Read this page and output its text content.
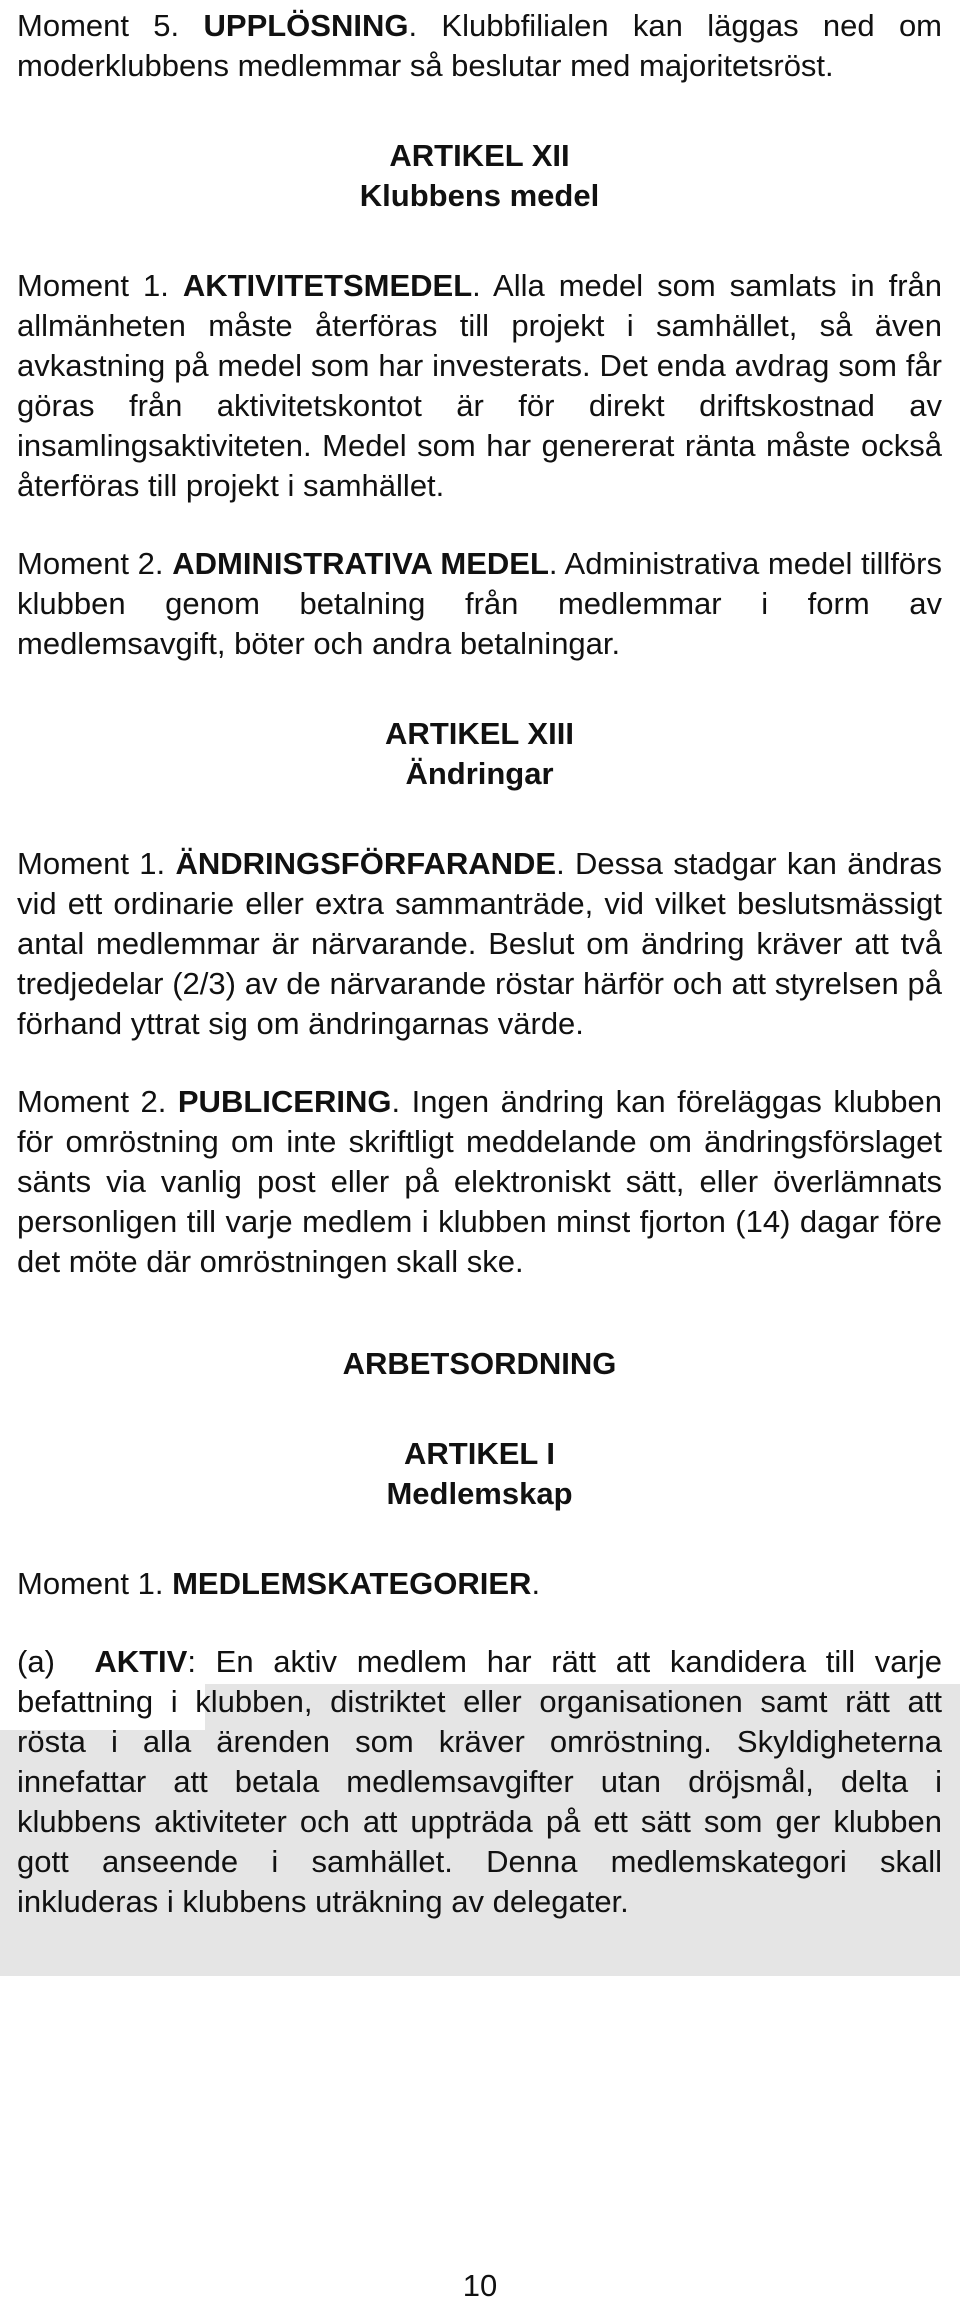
Moment 5. UPPLÖSNING. Klubbfilialen kan läggas ned om moderklubbens medlemmar så beslutar med majoritetsröst.

ARTIKEL XII

Klubbens medel

Moment 1. AKTIVITETSMEDEL. Alla medel som samlats in från allmänheten måste återföras till projekt i samhället, så även avkastning på medel som har investerats. Det enda avdrag som får göras från aktivitetskontot är för direkt driftskostnad av insamlingsaktiviteten. Medel som har genererat ränta måste också återföras till projekt i samhället.

Moment 2. ADMINISTRATIVA MEDEL. Administrativa medel tillförs klubben genom betalning från medlemmar i form av medlemsavgift, böter och andra betalningar.

ARTIKEL XIII

Ändringar

Moment 1. ÄNDRINGSFÖRFARANDE. Dessa stadgar kan ändras vid ett ordinarie eller extra sammanträde, vid vilket beslutsmässigt antal medlemmar är närvarande. Beslut om ändring kräver att två tredjedelar (2/3) av de närvarande röstar härför och att styrelsen på förhand yttrat sig om ändringarnas värde.

Moment 2. PUBLICERING. Ingen ändring kan föreläggas klubben för omröstning om inte skriftligt meddelande om ändringsförslaget sänts via vanlig post eller på elektroniskt sätt, eller överlämnats personligen till varje medlem i klubben minst fjorton (14) dagar före det möte där omröstningen skall ske.

ARBETSORDNING

ARTIKEL I

Medlemskap

Moment 1. MEDLEMSKATEGORIER.

(a)  AKTIV: En aktiv medlem har rätt att kandidera till varje befattning i klubben, distriktet eller organisationen samt rätt att rösta i alla ärenden som kräver omröstning. Skyldigheterna innefattar att betala medlemsavgifter utan dröjsmål, delta i klubbens aktiviteter och att uppträda på ett sätt som ger klubben gott anseende i samhället. Denna medlemskategori skall inkluderas i klubbens uträkning av delegater.

10
